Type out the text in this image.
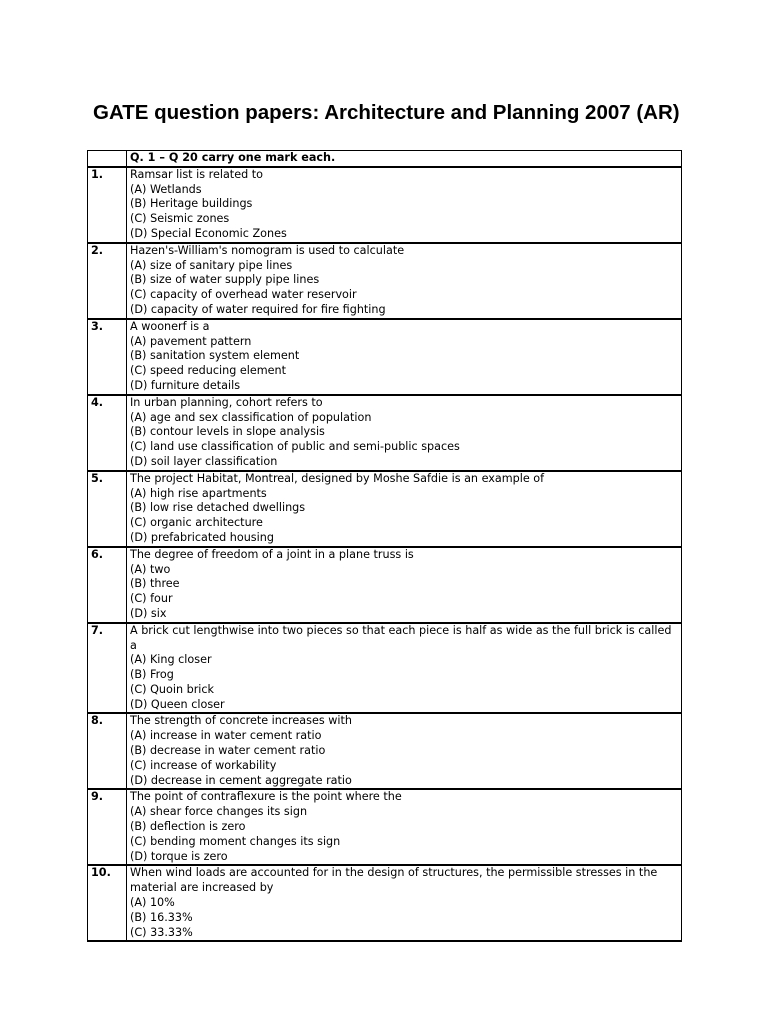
GATE question papers: Architecture and Planning 2007 (AR)
	Q. 1 – Q 20 carry one mark each.
1.	Ramsar list is related to
(A) Wetlands
(B) Heritage buildings
(C) Seismic zones
(D) Special Economic Zones

2.	Hazen's-William's nomogram is used to calculate
(A) size of sanitary pipe lines
(B) size of water supply pipe lines
(C) capacity of overhead water reservoir
(D) capacity of water required for fire fighting

3.	A woonerf is a
(A) pavement pattern
(B) sanitation system element
(C) speed reducing element
(D) furniture details

4.	In urban planning, cohort refers to
(A) age and sex classification of population
(B) contour levels in slope analysis
(C) land use classification of public and semi-public spaces
(D) soil layer classification

5.	The project Habitat, Montreal, designed by Moshe Safdie is an example of
(A) high rise apartments
(B) low rise detached dwellings
(C) organic architecture
(D) prefabricated housing

6.	The degree of freedom of a joint in a plane truss is
(A) two
(B) three
(C) four
(D) six

7.	A brick cut lengthwise into two pieces so that each piece is half as wide as the full brick is called a
(A) King closer
(B) Frog
(C) Quoin brick
(D) Queen closer

8.	The strength of concrete increases with
(A) increase in water cement ratio
(B) decrease in water cement ratio
(C) increase of workability
(D) decrease in cement aggregate ratio

9.	The point of contraflexure is the point where the
(A) shear force changes its sign
(B) deflection is zero
(C) bending moment changes its sign
(D) torque is zero

10.	When wind loads are accounted for in the design of structures, the permissible stresses in the material are increased by
(A) 10%
(B) 16.33%
(C) 33.33%
